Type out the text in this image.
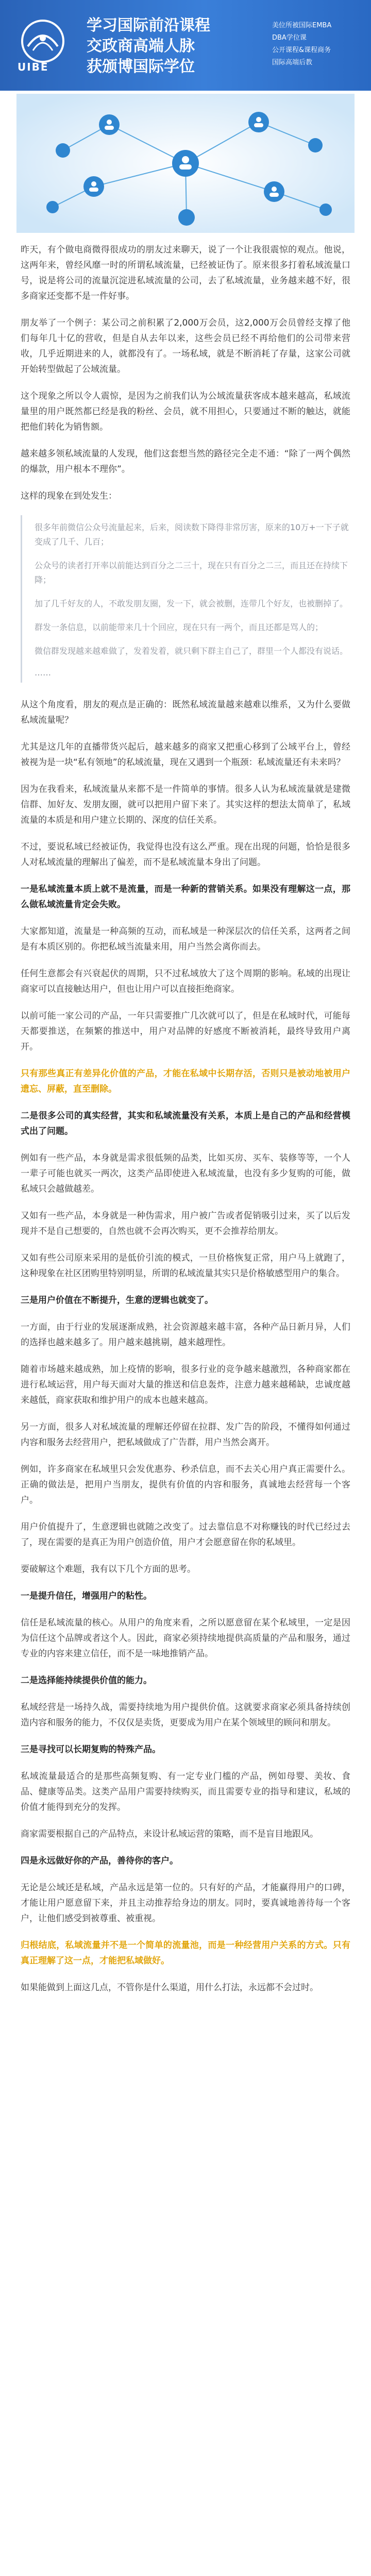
UIBE
学习国际前沿课程
交政商高端人脉
获颁博国际学位
美位所被国际EMBA
DBA学位课
公开课程&课程商务
国际高端后教

昨天，有个做电商微得很成功的朋友过来聊天，说了一个让我很震惊的观点。他说，这两年来，曾经风靡一时的所谓私域流量，已经被证伪了。原来很多打着私域流量口号，说是将公司的流量沉淀进私域流量的公司，去了私域流量，业务越来越不好，很多商家还变都不是一件好事。

朋友举了一个例子：某公司之前积累了2,000万会员，这2,000万会员曾经支撑了他们每年几十亿的营收，但是自从去年以来，这些会员已经不再给他们的公司带来营收，几乎近期进来的人，就都没有了。一场私域，就是不断消耗了存量，这家公司就开始转型做起了公域流量。

这个现象之所以令人震惊，是因为之前我们认为公域流量获客成本越来越高，私域流量里的用户既然都已经是我的粉丝、会员，就不用担心，只要通过不断的触达，就能把他们转化为销售额。

越来越多领私域流量的人发现，他们这套想当然的路径完全走不通：“除了一两个偶然的爆款，用户根本不理你”。

这样的现象在到处发生：

很多年前微信公众号流量起来，后来，阅读数下降得非常厉害，原来的10万+一下子就变成了几千、几百；

公众号的读者打开率以前能达到百分之二三十，现在只有百分之二三，而且还在持续下降；

加了几千好友的人，不敢发朋友圈，发一下，就会被删，连带几个好友，也被删掉了。

群发一条信息，以前能带来几十个回应，现在只有一两个，而且还都是骂人的；

微信群发现越来越难做了，发着发着，就只剩下群主自己了，群里一个人都没有说话。

……

从这个角度看，朋友的观点是正确的：既然私域流量越来越难以维系，又为什么要做私域流量呢？

尤其是这几年的直播带货兴起后，越来越多的商家又把重心移到了公域平台上，曾经被视为是一块“私有领地”的私域流量，现在又遇到一个瓶颈：私域流量还有未来吗？

因为在我看来，私域流量从来都不是一件简单的事情。很多人认为私域流量就是建微信群、加好友、发朋友圈，就可以把用户留下来了。其实这样的想法太简单了，私域流量的本质是和用户建立长期的、深度的信任关系。

不过，要说私域已经被证伪，我觉得也没有这么严重。现在出现的问题，恰恰是很多人对私域流量的理解出了偏差，而不是私域流量本身出了问题。

一是私域流量本质上就不是流量，而是一种新的营销关系。如果没有理解这一点，那么做私域流量肯定会失败。

大家都知道，流量是一种高频的互动，而私域是一种深层次的信任关系，这两者之间是有本质区别的。你把私域当流量来用，用户当然会离你而去。

任何生意都会有兴衰起伏的周期，只不过私域放大了这个周期的影响。私域的出现让商家可以直接触达用户，但也让用户可以直接拒绝商家。

以前可能一家公司的产品，一年只需要推广几次就可以了，但是在私域时代，可能每天都要推送，在频繁的推送中，用户对品牌的好感度不断被消耗，最终导致用户离开。

只有那些真正有差异化价值的产品，才能在私域中长期存活，否则只是被动地被用户遗忘、屏蔽，直至删除。

二是很多公司的真实经营，其实和私域流量没有关系，本质上是自己的产品和经营模式出了问题。

例如有一些产品，本身就是需求很低频的品类，比如买房、买车、装修等等，一个人一辈子可能也就买一两次，这类产品即使进入私域流量，也没有多少复购的可能，做私域只会越做越差。

又如有一些产品，本身就是一种伪需求，用户被广告或者促销吸引过来，买了以后发现并不是自己想要的，自然也就不会再次购买，更不会推荐给朋友。

又如有些公司原来采用的是低价引流的模式，一旦价格恢复正常，用户马上就跑了，这种现象在社区团购里特别明显，所谓的私域流量其实只是价格敏感型用户的集合。

三是用户价值在不断提升，生意的逻辑也就变了。

一方面，由于行业的发展逐渐成熟，社会资源越来越丰富，各种产品日新月异，人们的选择也越来越多了。用户越来越挑剔，越来越理性。

随着市场越来越成熟，加上疫情的影响，很多行业的竞争越来越激烈，各种商家都在进行私域运营，用户每天面对大量的推送和信息轰炸，注意力越来越稀缺，忠诚度越来越低，商家获取和维护用户的成本也越来越高。

另一方面，很多人对私域流量的理解还停留在拉群、发广告的阶段，不懂得如何通过内容和服务去经营用户，把私域做成了广告群，用户当然会离开。

例如，许多商家在私域里只会发优惠券、秒杀信息，而不去关心用户真正需要什么。正确的做法是，把用户当朋友，提供有价值的内容和服务，真诚地去经营每一个客户。

用户价值提升了，生意逻辑也就随之改变了。过去靠信息不对称赚钱的时代已经过去了，现在需要的是真正为用户创造价值，用户才会愿意留在你的私域里。

要破解这个难题，我有以下几个方面的思考。

一是提升信任，增强用户的粘性。

信任是私域流量的核心。从用户的角度来看，之所以愿意留在某个私域里，一定是因为信任这个品牌或者这个人。因此，商家必须持续地提供高质量的产品和服务，通过专业的内容来建立信任，而不是一味地推销产品。

二是选择能持续提供价值的能力。

私域经营是一场持久战，需要持续地为用户提供价值。这就要求商家必须具备持续创造内容和服务的能力，不仅仅是卖货，更要成为用户在某个领域里的顾问和朋友。

三是寻找可以长期复购的特殊产品。

私域流量最适合的是那些高频复购、有一定专业门槛的产品，例如母婴、美妆、食品、健康等品类。这类产品用户需要持续购买，而且需要专业的指导和建议，私域的价值才能得到充分的发挥。

商家需要根据自己的产品特点，来设计私域运营的策略，而不是盲目地跟风。

四是永远做好你的产品，善待你的客户。

无论是公域还是私域，产品永远是第一位的。只有好的产品，才能赢得用户的口碑，才能让用户愿意留下来，并且主动推荐给身边的朋友。同时，要真诚地善待每一个客户，让他们感受到被尊重、被重视。

归根结底，私域流量并不是一个简单的流量池，而是一种经营用户关系的方式。只有真正理解了这一点，才能把私域做好。

如果能做到上面这几点，不管你是什么渠道，用什么打法，永远都不会过时。
